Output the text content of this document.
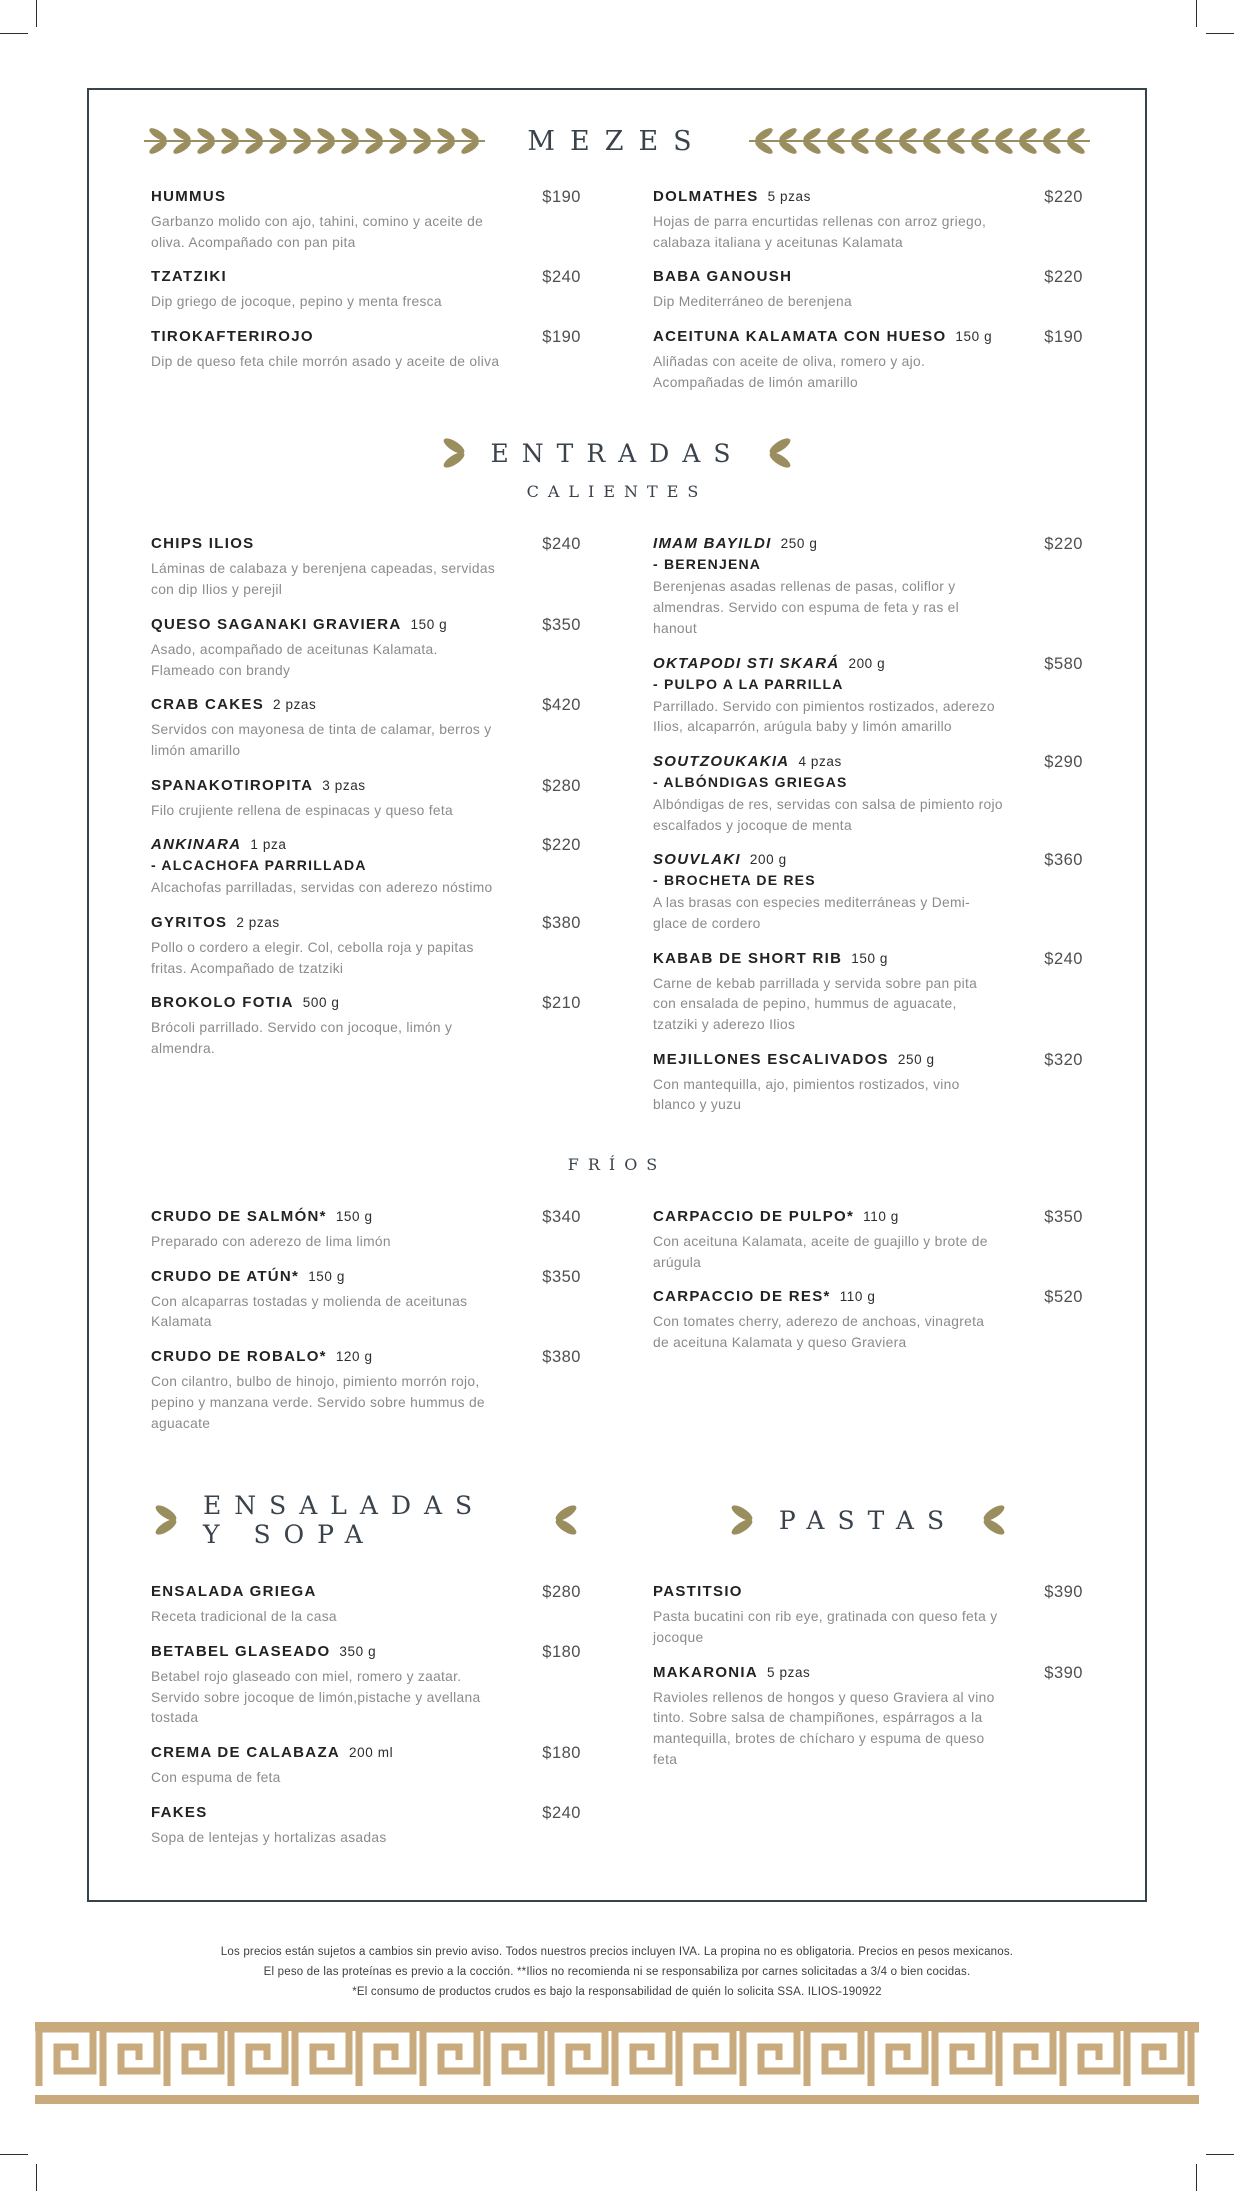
MEZES
HUMMUS	$190
Garbanzo molido con ajo, tahini, comino y aceite de oliva. Acompañado con pan pita
TZATZIKI	$240
Dip griego de jocoque, pepino y menta fresca
TIROKAFTERIROJO	$190
Dip de queso feta chile morrón asado y aceite de oliva
DOLMATHES 5 pzas	$220
Hojas de parra encurtidas rellenas con arroz griego, calabaza italiana y aceitunas Kalamata
BABA GANOUSH	$220
Dip Mediterráneo de berenjena
ACEITUNA KALAMATA CON HUESO 150 g	$190
Aliñadas con aceite de oliva, romero y ajo. Acompañadas de limón amarillo
ENTRADAS
CALIENTES
CHIPS ILIOS	$240
Láminas de calabaza y berenjena capeadas, servidas con dip Ilios y perejil
QUESO SAGANAKI GRAVIERA 150 g	$350
Asado, acompañado de aceitunas Kalamata. Flameado con brandy
CRAB CAKES 2 pzas	$420
Servidos con mayonesa de tinta de calamar, berros y limón amarillo
SPANAKOTIROPITA 3 pzas	$280
Filo crujiente rellena de espinacas y queso feta
ANKINARA 1 pza
- ALCACHOFA PARRILLADA
$220
Alcachofas parrilladas, servidas con aderezo nóstimo
GYRITOS 2 pzas	$380
Pollo o cordero a elegir. Col, cebolla roja y papitas fritas. Acompañado de tzatziki
BROKOLO FOTIA 500 g	$210
Brócoli parrillado. Servido con jocoque, limón y almendra.
IMAM BAYILDI 250 g
- BERENJENA
$220
Berenjenas asadas rellenas de pasas, coliflor y almendras. Servido con espuma de feta y ras el hanout
OKTAPODI STI SKARÁ 200 g
- PULPO A LA PARRILLA
$580
Parrillado. Servido con pimientos rostizados, aderezo Ilios, alcaparrón, arúgula baby y limón amarillo
SOUTZOUKAKIA 4 pzas
- ALBÓNDIGAS GRIEGAS
$290
Albóndigas de res, servidas con salsa de pimiento rojo escalfados y jocoque de menta
SOUVLAKI 200 g
- BROCHETA DE RES
$360
A las brasas con especies mediterráneas y Demi-glace de cordero
KABAB DE SHORT RIB 150 g	$240
Carne de kebab parrillada y servida sobre pan pita con ensalada de pepino, hummus de aguacate, tzatziki y aderezo Ilios
MEJILLONES ESCALIVADOS 250 g	$320
Con mantequilla, ajo, pimientos rostizados, vino blanco y yuzu
FRÍOS
CRUDO DE SALMÓN* 150 g	$340
Preparado con aderezo de lima limón
CRUDO DE ATÚN* 150 g	$350
Con alcaparras tostadas y molienda de aceitunas Kalamata
CRUDO DE ROBALO* 120 g	$380
Con cilantro, bulbo de hinojo, pimiento morrón rojo, pepino y manzana verde. Servido sobre hummus de aguacate
CARPACCIO DE PULPO* 110 g	$350
Con aceituna Kalamata, aceite de guajillo y brote de arúgula
CARPACCIO DE RES* 110 g	$520
Con tomates cherry, aderezo de anchoas, vinagreta de aceituna Kalamata y queso Graviera
ENSALADAS Y SOPA	PASTAS
ENSALADA GRIEGA	$280
Receta tradicional de la casa
BETABEL GLASEADO 350 g	$180
Betabel rojo glaseado con miel, romero y zaatar. Servido sobre jocoque de limón,pistache y avellana tostada
CREMA DE CALABAZA 200 ml	$180
Con espuma de feta
FAKES	$240
Sopa de lentejas y hortalizas asadas
PASTITSIO	$390
Pasta bucatini con rib eye, gratinada con queso feta y jocoque
MAKARONIA 5 pzas	$390
Ravioles rellenos de hongos y queso Graviera al vino tinto. Sobre salsa de champiñones, espárragos a la mantequilla, brotes de chícharo y espuma de queso feta
Los precios están sujetos a cambios sin previo aviso. Todos nuestros precios incluyen IVA. La propina no es obligatoria. Precios en pesos mexicanos.
El peso de las proteínas es previo a la cocción. **Ilios no recomienda ni se responsabiliza por carnes solicitadas a 3/4 o bien cocidas.
*El consumo de productos crudos es bajo la responsabilidad de quién lo solicita SSA. ILIOS-190922
